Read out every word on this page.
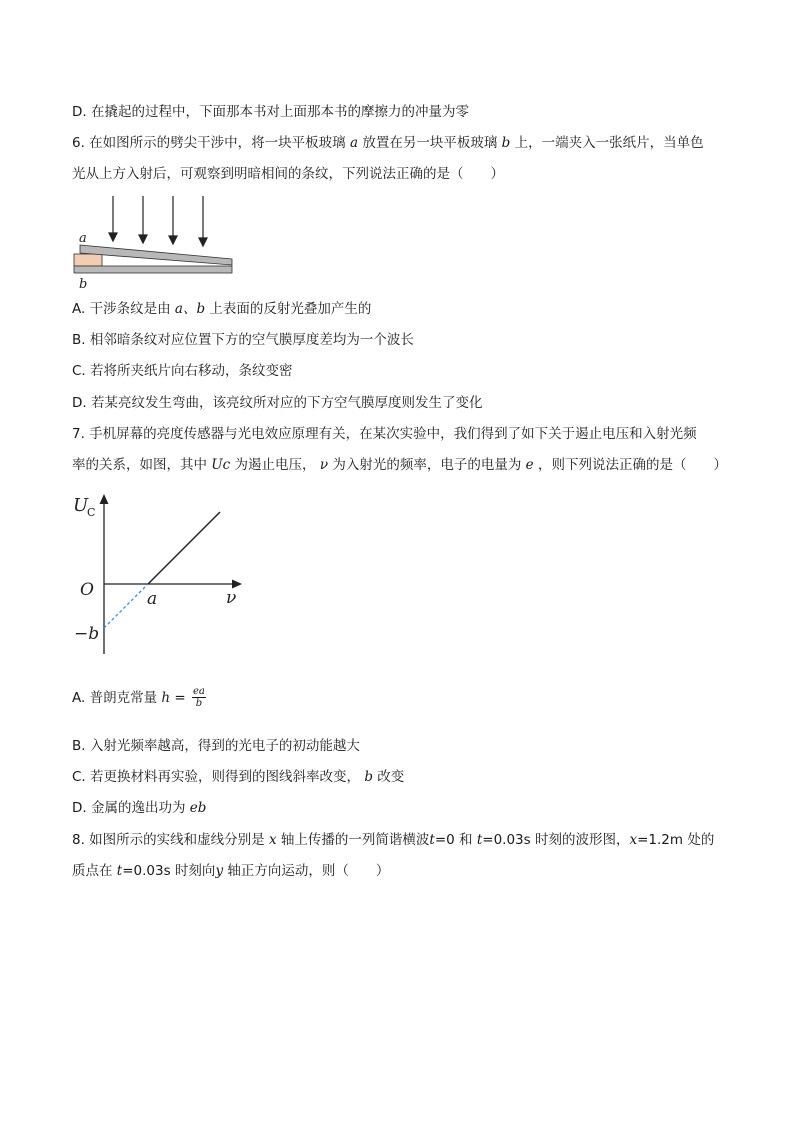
D. 在撬起的过程中，下面那本书对上面那本书的摩擦力的冲量为零
6. 在如图所示的劈尖干涉中，将一块平板玻璃 a 放置在另一块平板玻璃 b 上，一端夹入一张纸片，当单色
光从上方入射后，可观察到明暗相间的条纹，下列说法正确的是（　　）
a
b
A. 干涉条纹是由 a、b 上表面的反射光叠加产生的
B. 相邻暗条纹对应位置下方的空气膜厚度差均为一个波长
C. 若将所夹纸片向右移动，条纹变密
D. 若某亮纹发生弯曲，该亮纹所对应的下方空气膜厚度则发生了变化
7. 手机屏幕的亮度传感器与光电效应原理有关，在某次实验中，我们得到了如下关于遏止电压和入射光频
率的关系，如图，其中 Uc 为遏止电压， ν 为入射光的频率，电子的电量为 e ，则下列说法正确的是（　　）
U
C
ν
O	a
−b
A. 普朗克常量 $h = \frac{ea}{b}$
B. 入射光频率越高，得到的光电子的初动能越大
C. 若更换材料再实验，则得到的图线斜率改变， b 改变
D. 金属的逸出功为 eb
8. 如图所示的实线和虚线分别是 x 轴上传播的一列简谐横波t=0 和 t=0.03s 时刻的波形图，x=1.2m 处的
质点在 t=0.03s 时刻向y 轴正方向运动，则（　　）
